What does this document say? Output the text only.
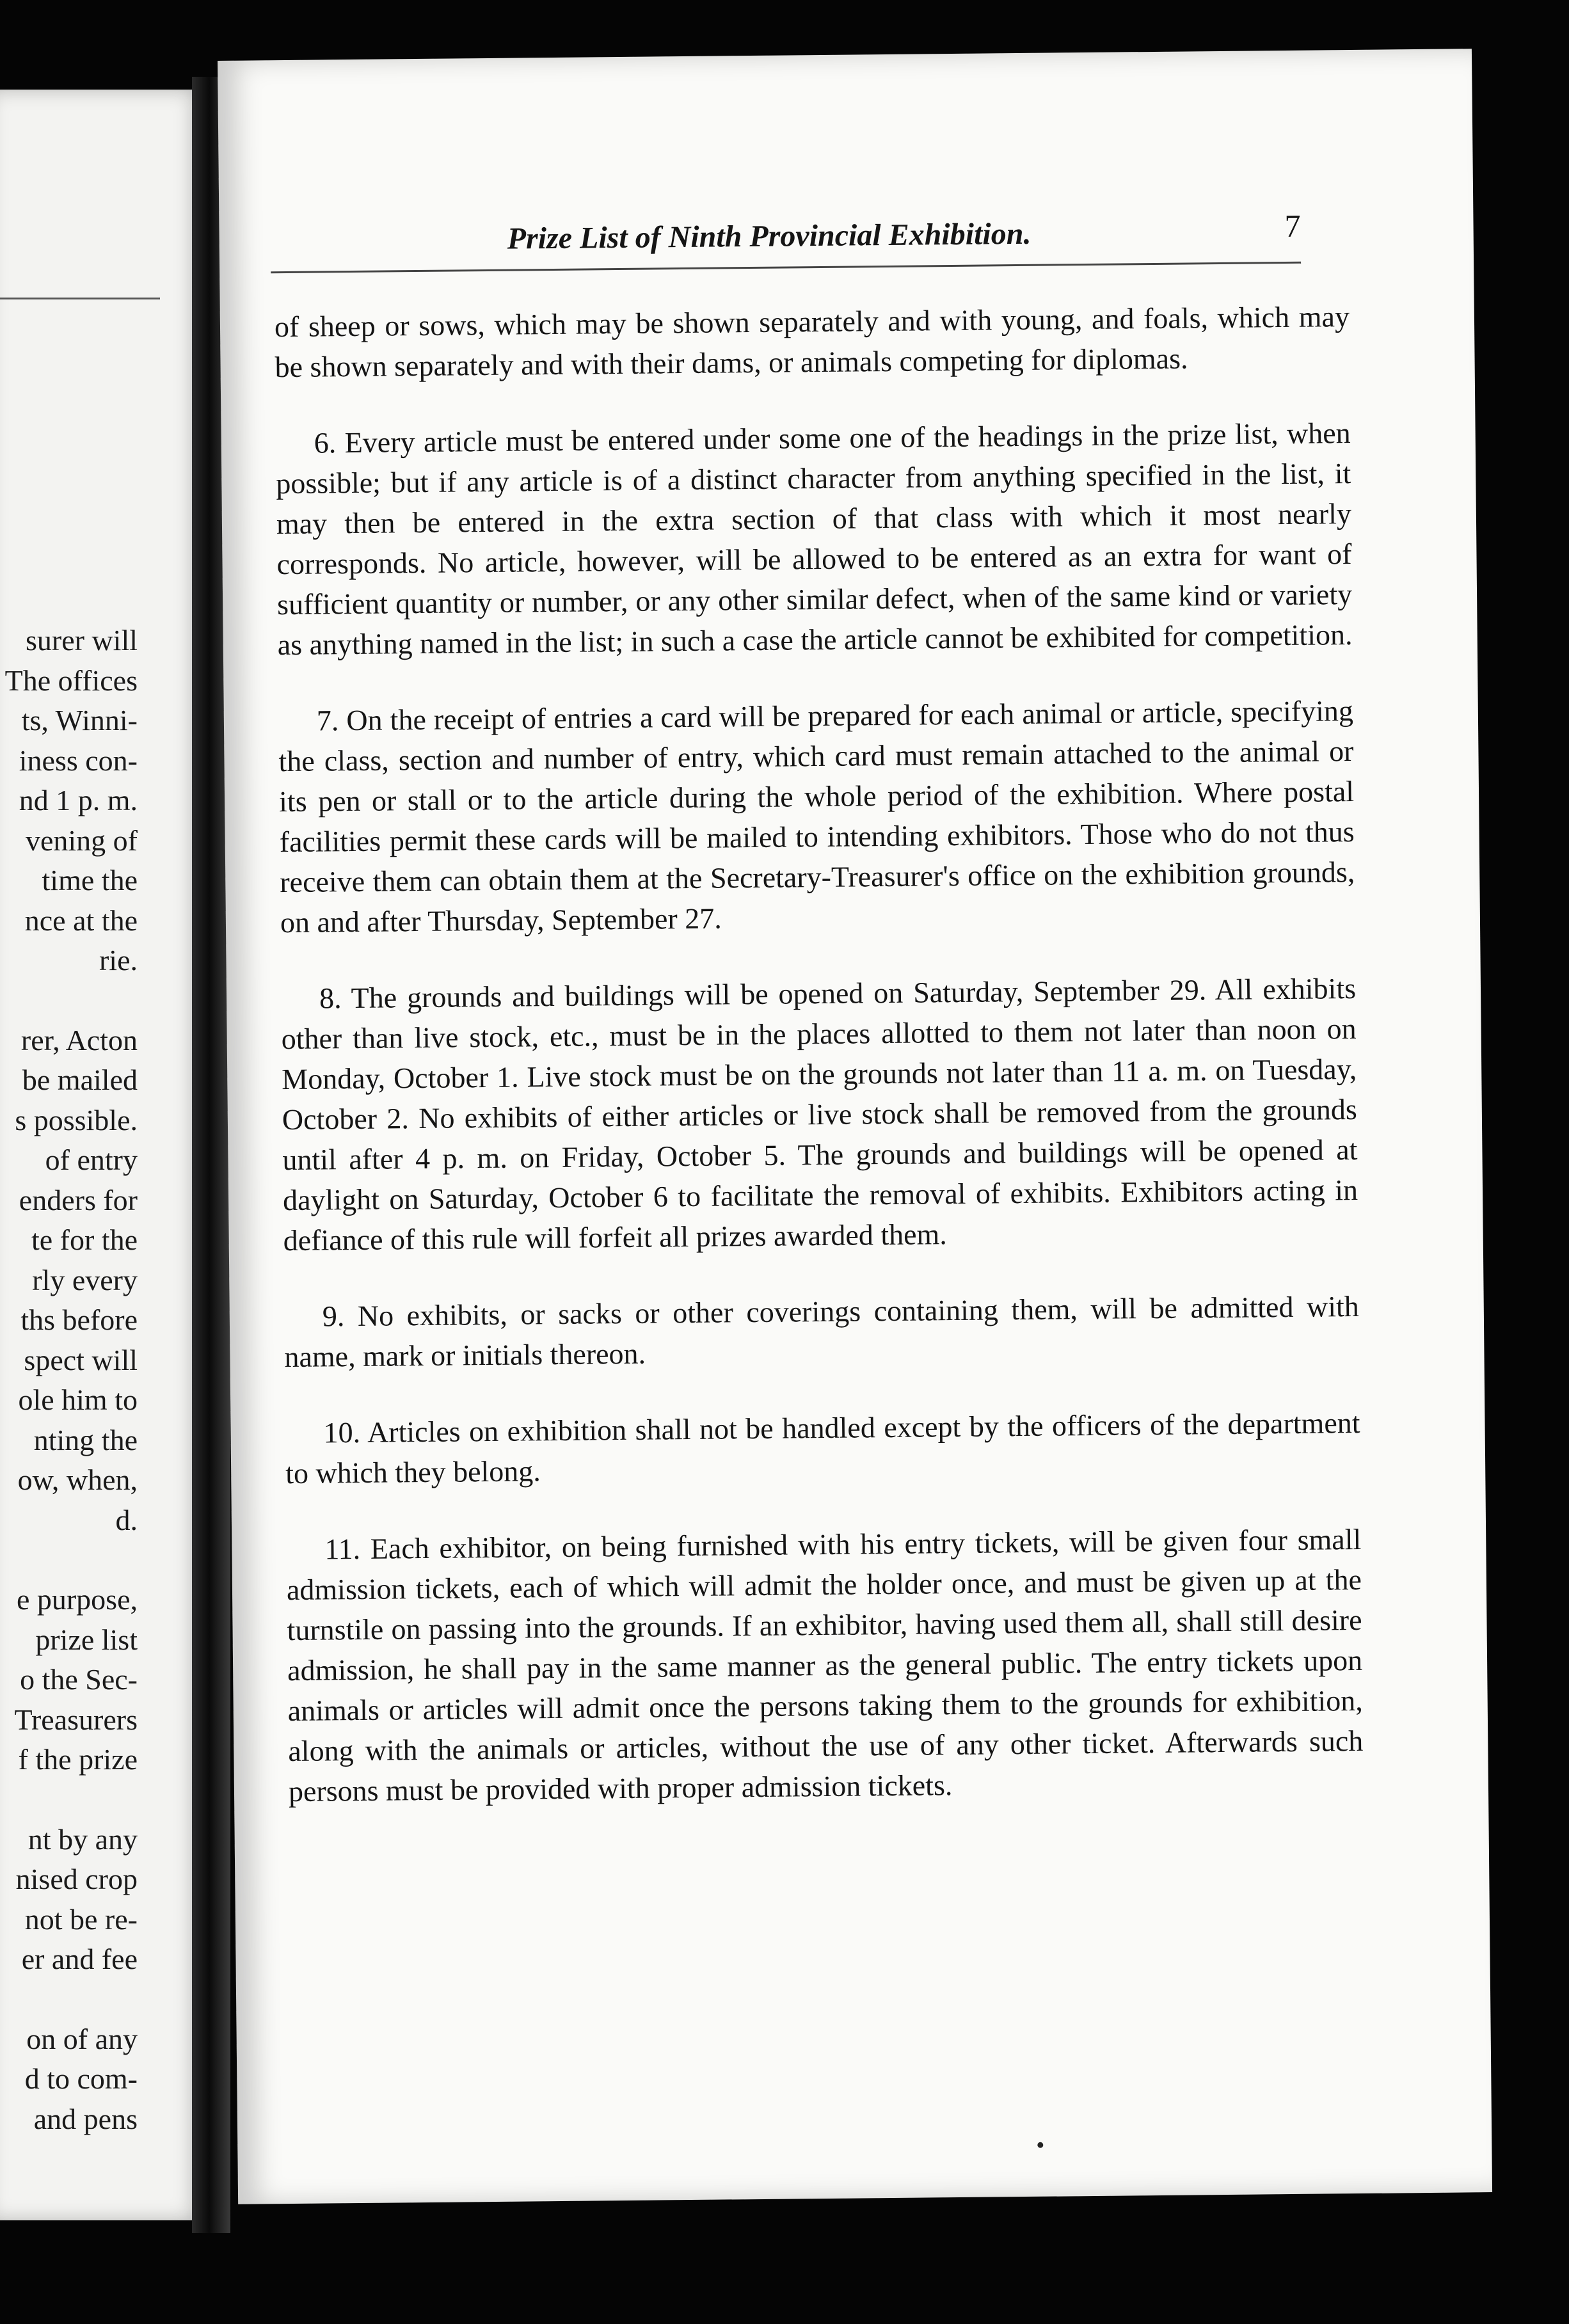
surer will
The offices
ts, Winni-
iness con-
nd 1 p. m.
vening of
time the
nce at the
rie.
rer, Acton
be mailed
s possible.
of entry
enders for
te for the
rly every
ths before
spect will
ole him to
nting the
ow, when,
d.
e purpose,
prize list
o the Sec-
Treasurers
f the prize
nt by any
nised crop
not be re-
er and fee
on of any
d to com-
and pens
Prize List of Ninth Provincial Exhibition.	7

of sheep or sows, which may be shown separately and with young, and foals, which may be shown separately and with their dams, or animals competing for diplomas.

6. Every article must be entered under some one of the headings in the prize list, when possible; but if any article is of a distinct character from anything specified in the list, it may then be entered in the extra section of that class with which it most nearly corresponds. No article, however, will be allowed to be entered as an extra for want of sufficient quantity or number, or any other similar defect, when of the same kind or variety as anything named in the list; in such a case the article cannot be exhibited for competition.

7. On the receipt of entries a card will be prepared for each animal or article, specifying the class, section and number of entry, which card must remain attached to the animal or its pen or stall or to the article during the whole period of the exhibition. Where postal facilities permit these cards will be mailed to intending exhibitors. Those who do not thus receive them can obtain them at the Secretary-Treasurer's office on the exhibition grounds, on and after Thursday, September 27.

8. The grounds and buildings will be opened on Saturday, September 29. All exhibits other than live stock, etc., must be in the places allotted to them not later than noon on Monday, October 1. Live stock must be on the grounds not later than 11 a. m. on Tuesday, October 2. No exhibits of either articles or live stock shall be removed from the grounds until after 4 p. m. on Friday, October 5. The grounds and buildings will be opened at daylight on Saturday, October 6 to facilitate the removal of exhibits. Exhibitors acting in defiance of this rule will forfeit all prizes awarded them.

9. No exhibits, or sacks or other coverings containing them, will be admitted with name, mark or initials thereon.

10. Articles on exhibition shall not be handled except by the officers of the department to which they belong.

11. Each exhibitor, on being furnished with his entry tickets, will be given four small admission tickets, each of which will admit the holder once, and must be given up at the turnstile on passing into the grounds. If an exhibitor, having used them all, shall still desire admission, he shall pay in the same manner as the general public. The entry tickets upon animals or articles will admit once the persons taking them to the grounds for exhibition, along with the animals or articles, without the use of any other ticket. Afterwards such persons must be provided with proper admission tickets.
